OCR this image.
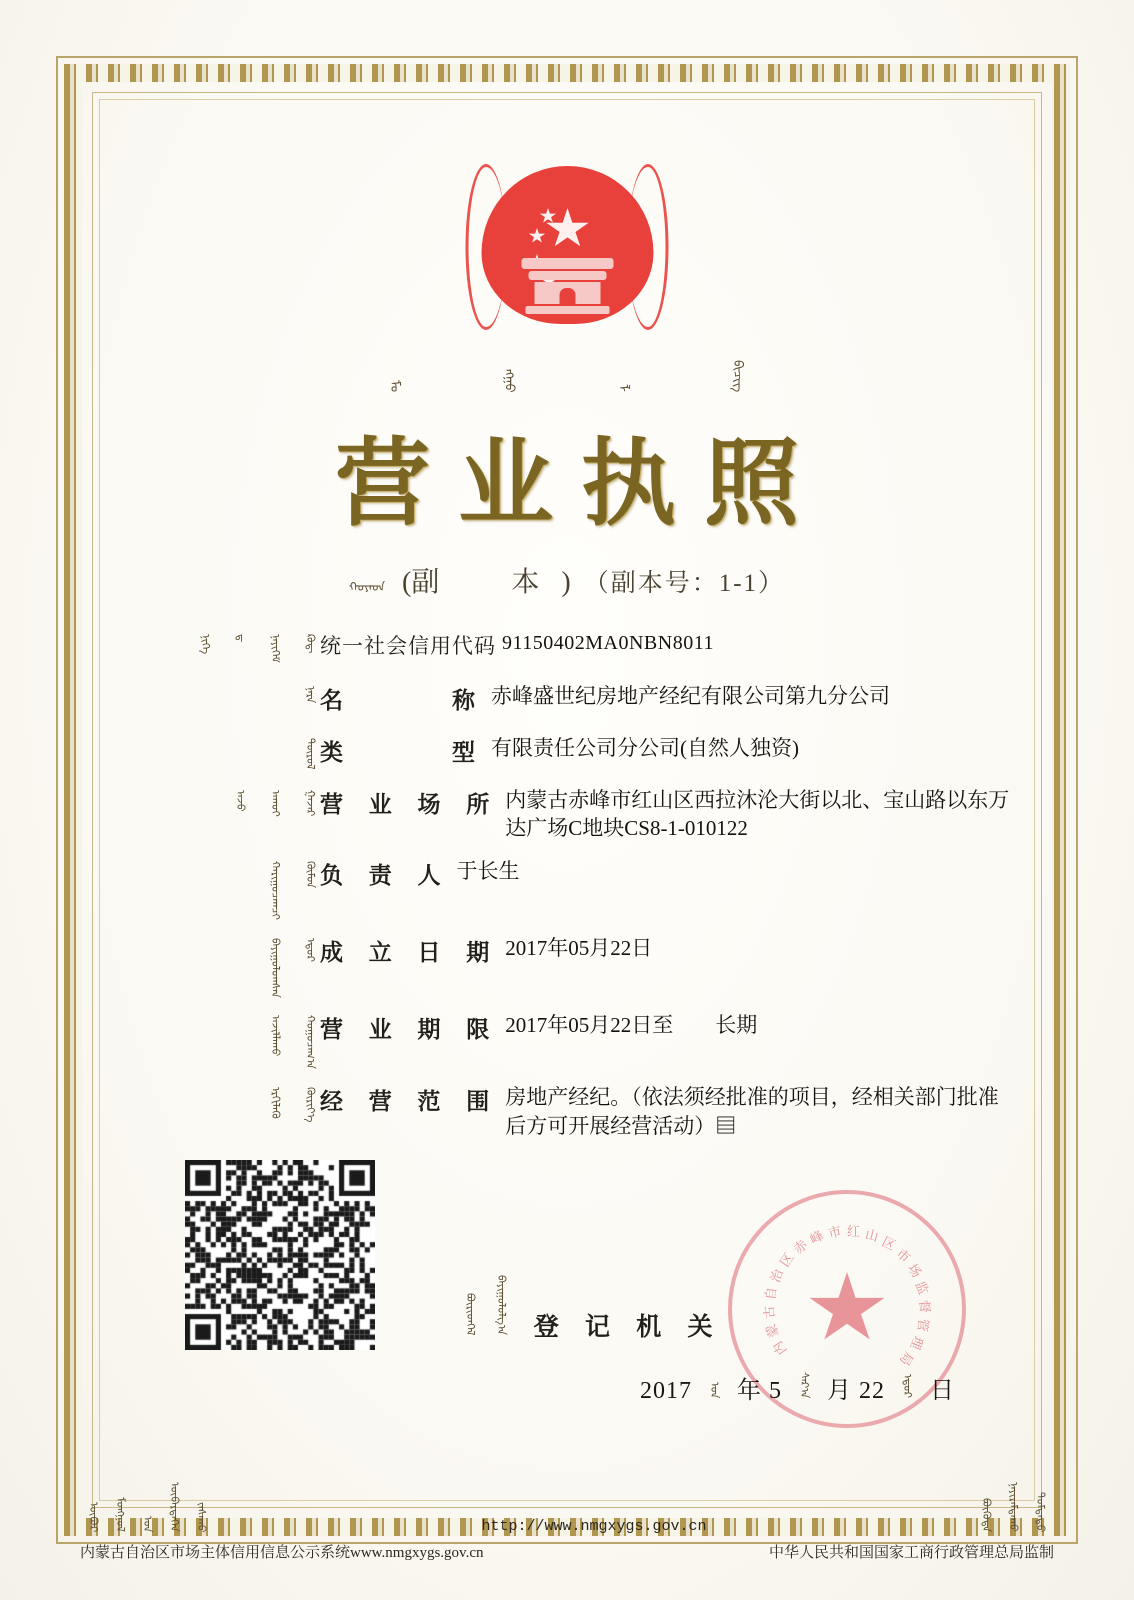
ᠮᠣ	ᠩᠭᠣ	ᠯ	ᠪᠢᠴᠢᠭ
营业执照
ᠬᠣᠶᠠᠳ (副　本) （副本号：1-1）
ᠨᠢᠭᠡ	ᠳ	ᠨᠡᠶᠢᠭᠡᠮ	ᠺᠣᠳ᠋ 统一社会信用代码 91150402MA0NBN8011
ᠨᠡᠷᠡ 名　　　称 赤峰盛世纪房地产经纪有限公司第九分公司
ᠲᠥᠷᠥᠯ 类　　　型 有限责任公司分公司(自然人独资)
ᠠᠵᠤ	ᠠᠬᠤᠢ	ᠭᠠᠵᠠᠷ 营 业 场 所 内蒙古赤峰市红山区西拉沐沦大街以北、宝山路以东万达广场C地块CS8-1-010122
ᠬᠠᠷᠢᠭᠤᠴᠠᠭᠴᠢ	ᠬᠦᠮᠦᠨ 负 责 人 于长生
ᠪᠠᠶᠢᠭᠤᠯᠤᠭᠰᠠᠨ	ᠡᠳᠦᠷ 成 立 日 期 2017年05月22日
ᠠᠵᠢᠯᠯᠠᠬᠤ	ᠬᠤᠭᠤᠴᠠᠭ᠎ᠠ 营 业 期 限 2017年05月22日至　　长期
ᠡᠷᠬᠢᠯᠡᠬᠦ	ᠬᠦᠷᠢᠶ᠎ᠡ 经 营 范 围 房地产经纪。（依法须经批准的项目，经相关部门批准后方可开展经营活动）▤
ᠪᠦᠷᠢᠳᠬᠡᠯ ᠪᠠᠶᠢᠭᠤᠯᠤᠯᠭ᠎ᠠ 登 记 机 关
内
蒙
古
自
治
区
赤
峰 市 红 山 区
市
场
监
督
管
理
局
2017 ᠣᠨ 年 5 ᠰᠠᠷ᠎ᠠ 月 22 ᠡᠳᠦᠷ 日
ᠥᠪᠥᠷ ᠮᠣᠩᠭᠣᠯ ᠤᠨ ᠥᠪᠡᠷᠲᠡᠭᠡᠨ ᠵᠠᠰᠠᠬᠤ	http://www.nmgxygs.gov.cn	ᠪᠦᠭᠦᠳᠡ ᠨᠠᠶᠢᠷᠠᠮᠳᠠᠬᠤ ᠳᠤᠮᠳᠠᠳᠤ
内蒙古自治区市场主体信用信息公示系统www.nmgxygs.gov.cn	中华人民共和国国家工商行政管理总局监制
